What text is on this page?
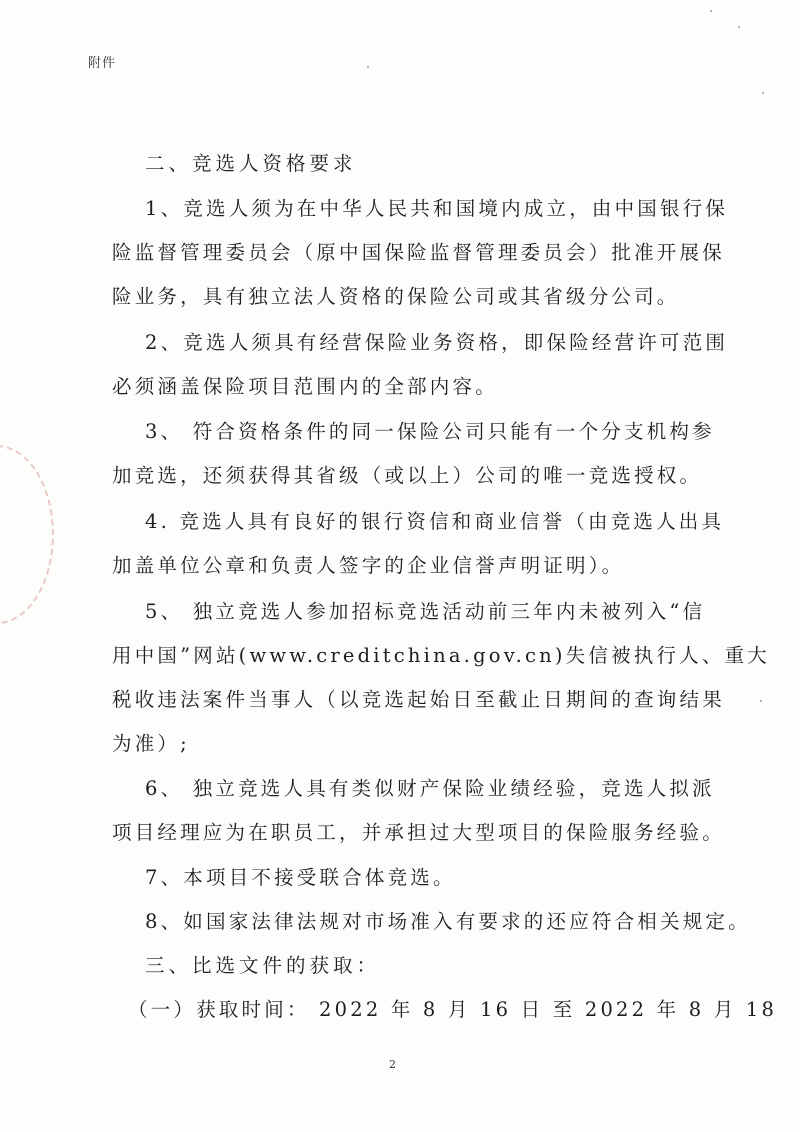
附件
二、竞选人资格要求
1、竞选人须为在中华人民共和国境内成立，由中国银行保
险监督管理委员会（原中国保险监督管理委员会）批准开展保
险业务，具有独立法人资格的保险公司或其省级分公司。
2、竞选人须具有经营保险业务资格，即保险经营许可范围
必须涵盖保险项目范围内的全部内容。
3、 符合资格条件的同一保险公司只能有一个分支机构参
加竞选，还须获得其省级（或以上）公司的唯一竞选授权。
4. 竞选人具有良好的银行资信和商业信誉（由竞选人出具
加盖单位公章和负责人签字的企业信誉声明证明）。
5、 独立竞选人参加招标竞选活动前三年内未被列入“信
用中国”网站(www.creditchina.gov.cn)失信被执行人、重大
税收违法案件当事人（以竞选起始日至截止日期间的查询结果
为准）;
6、 独立竞选人具有类似财产保险业绩经验，竞选人拟派
项目经理应为在职员工，并承担过大型项目的保险服务经验。
7、本项目不接受联合体竞选。
8、如国家法律法规对市场准入有要求的还应符合相关规定。
三、比选文件的获取：
（一）获取时间： 2022 年 8 月 16 日 至 2022 年 8 月 18
2
